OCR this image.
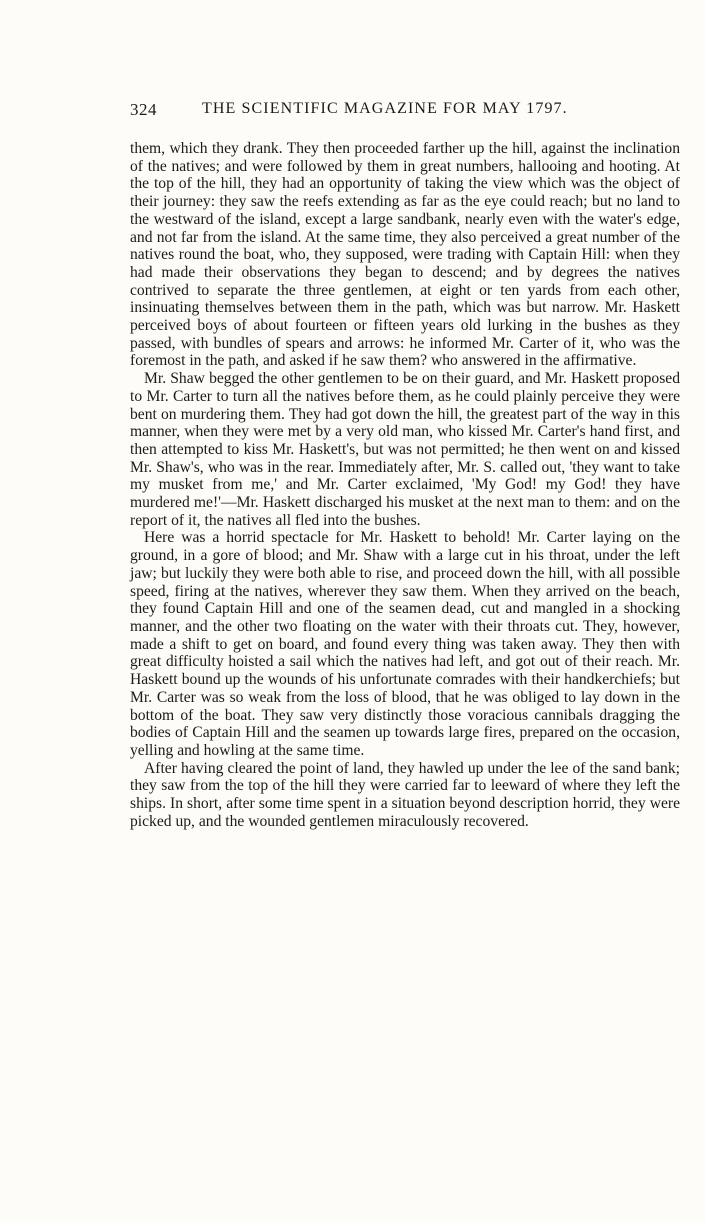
324	THE SCIENTIFIC MAGAZINE FOR MAY 1797.

them, which they drank. They then proceeded farther up the hill, against the inclination of the natives; and were followed by them in great numbers, hallooing and hooting. At the top of the hill, they had an opportunity of taking the view which was the object of their journey: they saw the reefs extending as far as the eye could reach; but no land to the westward of the island, except a large sandbank, nearly even with the water's edge, and not far from the island. At the same time, they also perceived a great number of the natives round the boat, who, they supposed, were trading with Captain Hill: when they had made their observations they began to descend; and by degrees the natives contrived to separate the three gentlemen, at eight or ten yards from each other, insinuating themselves between them in the path, which was but narrow. Mr. Haskett perceived boys of about fourteen or fifteen years old lurking in the bushes as they passed, with bundles of spears and arrows: he informed Mr. Carter of it, who was the foremost in the path, and asked if he saw them? who answered in the affirmative.

Mr. Shaw begged the other gentlemen to be on their guard, and Mr. Haskett proposed to Mr. Carter to turn all the natives before them, as he could plainly perceive they were bent on murdering them. They had got down the hill, the greatest part of the way in this manner, when they were met by a very old man, who kissed Mr. Carter's hand first, and then attempted to kiss Mr. Haskett's, but was not permitted; he then went on and kissed Mr. Shaw's, who was in the rear. Immediately after, Mr. S. called out, 'they want to take my musket from me,' and Mr. Carter exclaimed, 'My God! my God! they have murdered me!'—Mr. Haskett discharged his musket at the next man to them: and on the report of it, the natives all fled into the bushes.

Here was a horrid spectacle for Mr. Haskett to behold! Mr. Carter laying on the ground, in a gore of blood; and Mr. Shaw with a large cut in his throat, under the left jaw; but luckily they were both able to rise, and proceed down the hill, with all possible speed, firing at the natives, wherever they saw them. When they arrived on the beach, they found Captain Hill and one of the seamen dead, cut and mangled in a shocking manner, and the other two floating on the water with their throats cut. They, however, made a shift to get on board, and found every thing was taken away. They then with great difficulty hoisted a sail which the natives had left, and got out of their reach. Mr. Haskett bound up the wounds of his unfortunate comrades with their handkerchiefs; but Mr. Carter was so weak from the loss of blood, that he was obliged to lay down in the bottom of the boat. They saw very distinctly those voracious cannibals dragging the bodies of Captain Hill and the seamen up towards large fires, prepared on the occasion, yelling and howling at the same time.

After having cleared the point of land, they hawled up under the lee of the sand bank; they saw from the top of the hill they were carried far to leeward of where they left the ships. In short, after some time spent in a situation beyond description horrid, they were picked up, and the wounded gentlemen miraculously recovered.
